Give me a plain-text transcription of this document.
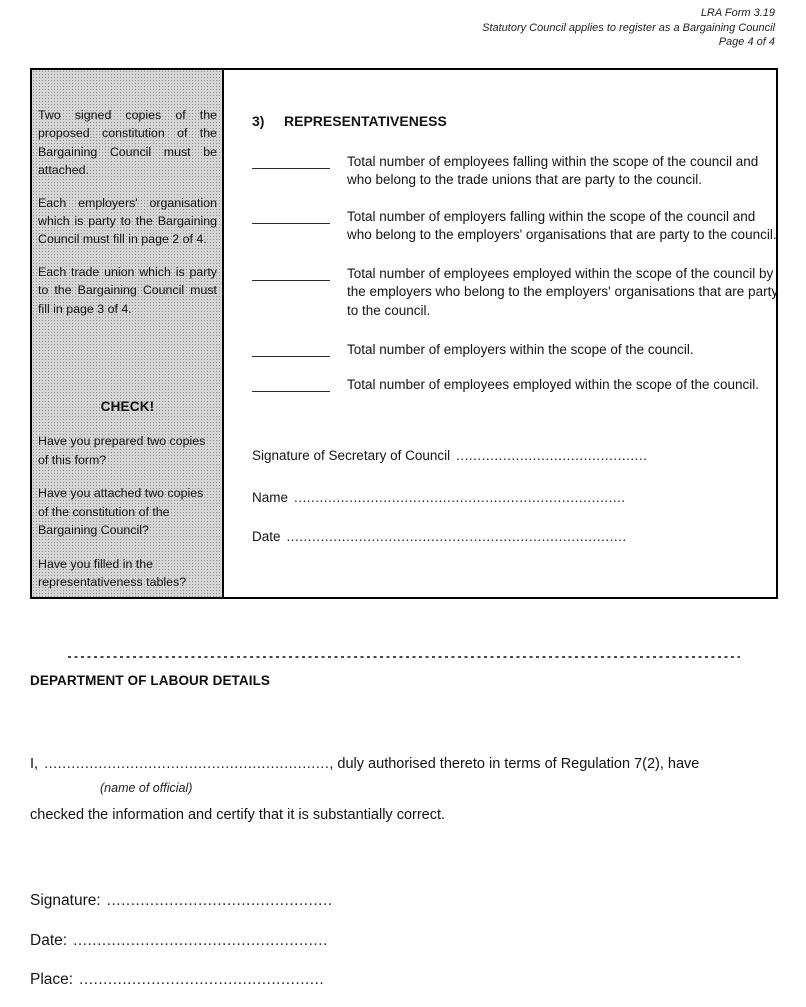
LRA Form 3.19
Statutory Council applies to register as a Bargaining Council
Page 4 of 4

Two signed copies of the proposed constitution of the Bargaining Council must be attached.

Each employers' organisation which is party to the Bargaining Council must fill in page 2 of 4.

Each trade union which is party to the Bargaining Council must fill in page 3 of 4.

CHECK!

Have you prepared two copies of this form?

Have you attached two copies of the constitution of the Bargaining Council?

Have you filled in the representativeness tables?

3) REPRESENTATIVENESS
Total number of employees falling within the scope of the council and who belong to the trade unions that are party to the council.
Total number of employers falling within the scope of the council and who belong to the employers' organisations that are party to the council.
Total number of employees employed within the scope of the council by the employers who belong to the employers' organisations that are party to the council.
Total number of employers within the scope of the council.
Total number of employees employed within the scope of the council.
Signature of Secretary of Council .............................................
Name ..............................................................................
Date ................................................................................
DEPARTMENT OF LABOUR DETAILS
I, ..............................................................., duly authorised thereto in terms of Regulation 7(2), have
(name of official)
checked the information and certify that it is substantially correct.
Signature: ...............................................
Date: .....................................................
Place: ...................................................
